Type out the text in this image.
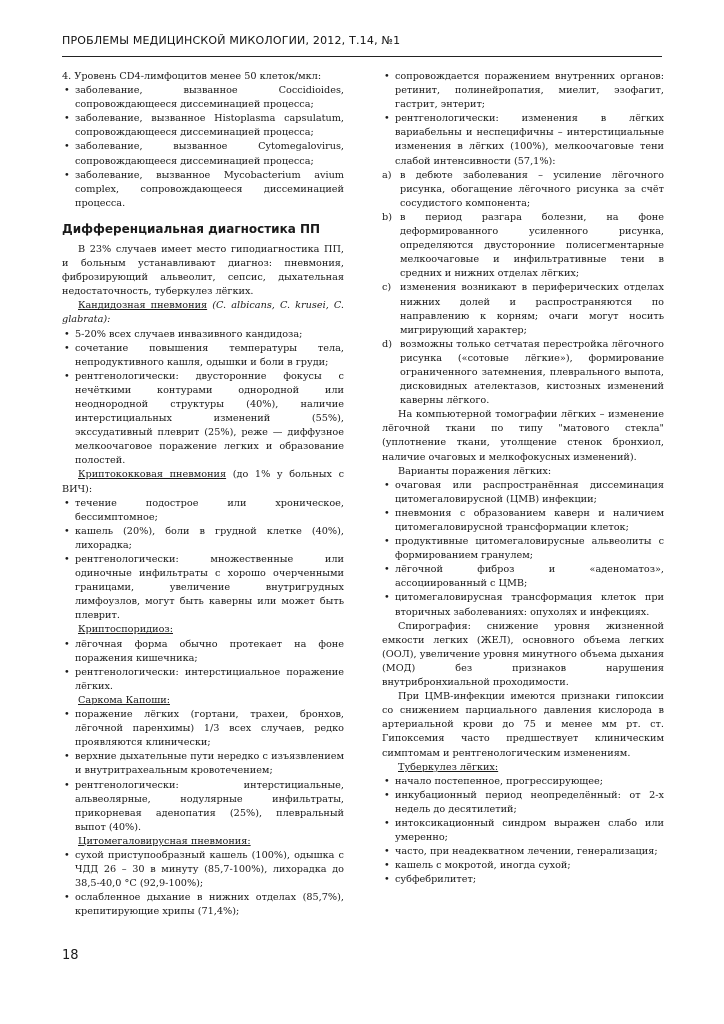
ПРОБЛЕМЫ МЕДИЦИНСКОЙ МИКОЛОГИИ, 2012, Т.14, №1

4. Уровень CD4-лимфоцитов менее 50 клеток/мкл:

• заболевание, вызванное Coccidioides, сопровождающееся диссеминацией процесса;
• заболевание, вызванное Histoplasma capsulatum, сопровождающееся диссеминацией процесса;
• заболевание, вызванное Cytomegalovirus, сопровождающееся диссеминацией процесса;
• заболевание, вызванное Mycobacterium avium complex, сопровождающееся диссеминацией процесса.
Дифференциальная диагностика ПП

В 23% случаев имеет место гиподиагностика ПП, и больным устанавливают диагноз: пневмония, фиброзирующий альвеолит, сепсис, дыхательная недостаточность, туберкулез лёгких.

Кандидозная пневмония (C. albicans, C. krusei, C. glabrata):

• 5-20% всех случаев инвазивного кандидоза;
• сочетание повышения температуры тела, непродуктивного кашля, одышки и боли в груди;
• рентгенологически: двусторонние фокусы с нечёткими контурами однородной или неоднородной структуры (40%), наличие интерстициальных изменений (55%), экссудативный плеврит (25%), реже — диффузное мелкоочаговое поражение легких и образование полостей.

Криптококковая пневмония (до 1% у больных с ВИЧ):

• течение подострое или хроническое, бессимптомное;
• кашель (20%), боли в грудной клетке (40%), лихорадка;
• рентгенологически: множественные или одиночные инфильтраты с хорошо очерченными границами, увеличение внутригрудных лимфоузлов, могут быть каверны или может быть плеврит.

Криптоспоридиоз:

• лёгочная форма обычно протекает на фоне поражения кишечника;
• рентгенологически: интерстициальное поражение лёгких.

Саркома Капоши:

• поражение лёгких (гортани, трахеи, бронхов, лёгочной паренхимы) 1/3 всех случаев, редко проявляются клинически;
• верхние дыхательные пути нередко с изъязвлением и внутритрахеальным кровотечением;
• рентгенологически: интерстициальные, альвеолярные, нодулярные инфильтраты, прикорневая аденопатия (25%), плевральный выпот (40%).

Цитомегаловирусная пневмония:

• сухой приступообразный кашель (100%), одышка с ЧДД 26 – 30 в минуту (85,7-100%), лихорадка до 38,5-40,0 °С (92,9-100%);
• ослабленное дыхание в нижних отделах (85,7%), крепитирующие хрипы (71,4%);
• сопровождается поражением внутренних органов: ретинит, полинейропатия, миелит, эзофагит, гастрит, энтерит;
• рентгенологически: изменения в лёгких вариабельны и неспецифичны – интерстициальные изменения в лёгких (100%), мелкоочаговые тени слабой интенсивности (57,1%):
a) в дебюте заболевания – усиление лёгочного рисунка, обогащение лёгочного рисунка за счёт сосудистого компонента;
b) в период разгара болезни, на фоне деформированного усиленного рисунка, определяются двусторонние полисегментарные мелкоочаговые и инфильтративные тени в средних и нижних отделах лёгких;
c) изменения возникают в периферических отделах нижних долей и распространяются по направлению к корням; очаги могут носить мигрирующий характер;
d) возможны только сетчатая перестройка лёгочного рисунка («сотовые лёгкие»), формирование ограниченного затемнения, плеврального выпота, дисковидных ателектазов, кистозных изменений каверны лёгкого.

На компьютерной томографии лёгких – изменение лёгочной ткани по типу "матового стекла" (уплотнение ткани, утолщение стенок бронхиол, наличие очаговых и мелкофокусных изменений).

Варианты поражения лёгких:

• очаговая или распространённая диссеминация цитомегаловирусной (ЦМВ) инфекции;
• пневмония с образованием каверн и наличием цитомегаловирусной трансформации клеток;
• продуктивные цитомегаловирусные альвеолиты с формированием гранулем;
• лёгочной фиброз и «аденоматоз», ассоциированный с ЦМВ;
• цитомегаловирусная трансформация клеток при вторичных заболеваниях: опухолях и инфекциях.

Спирография: снижение уровня жизненной емкости легких (ЖЕЛ), основного объема легких (ООЛ), увеличение уровня минутного объема дыхания (МОД) без признаков нарушения внутрибронхиальной проходимости.

При ЦМВ-инфекции имеются признаки гипоксии со снижением парциального давления кислорода в артериальной крови до 75 и менее мм рт. ст. Гипоксемия часто предшествует клиническим симптомам и рентгенологическим изменениям.

Туберкулез лёгких:

• начало постепенное, прогрессирующее;
• инкубационный период неопределённый: от 2-х недель до десятилетий;
• интоксикационный синдром выражен слабо или умеренно;
• часто, при неадекватном лечении, генерализация;
• кашель с мокротой, иногда сухой;
• субфебрилитет;
18
